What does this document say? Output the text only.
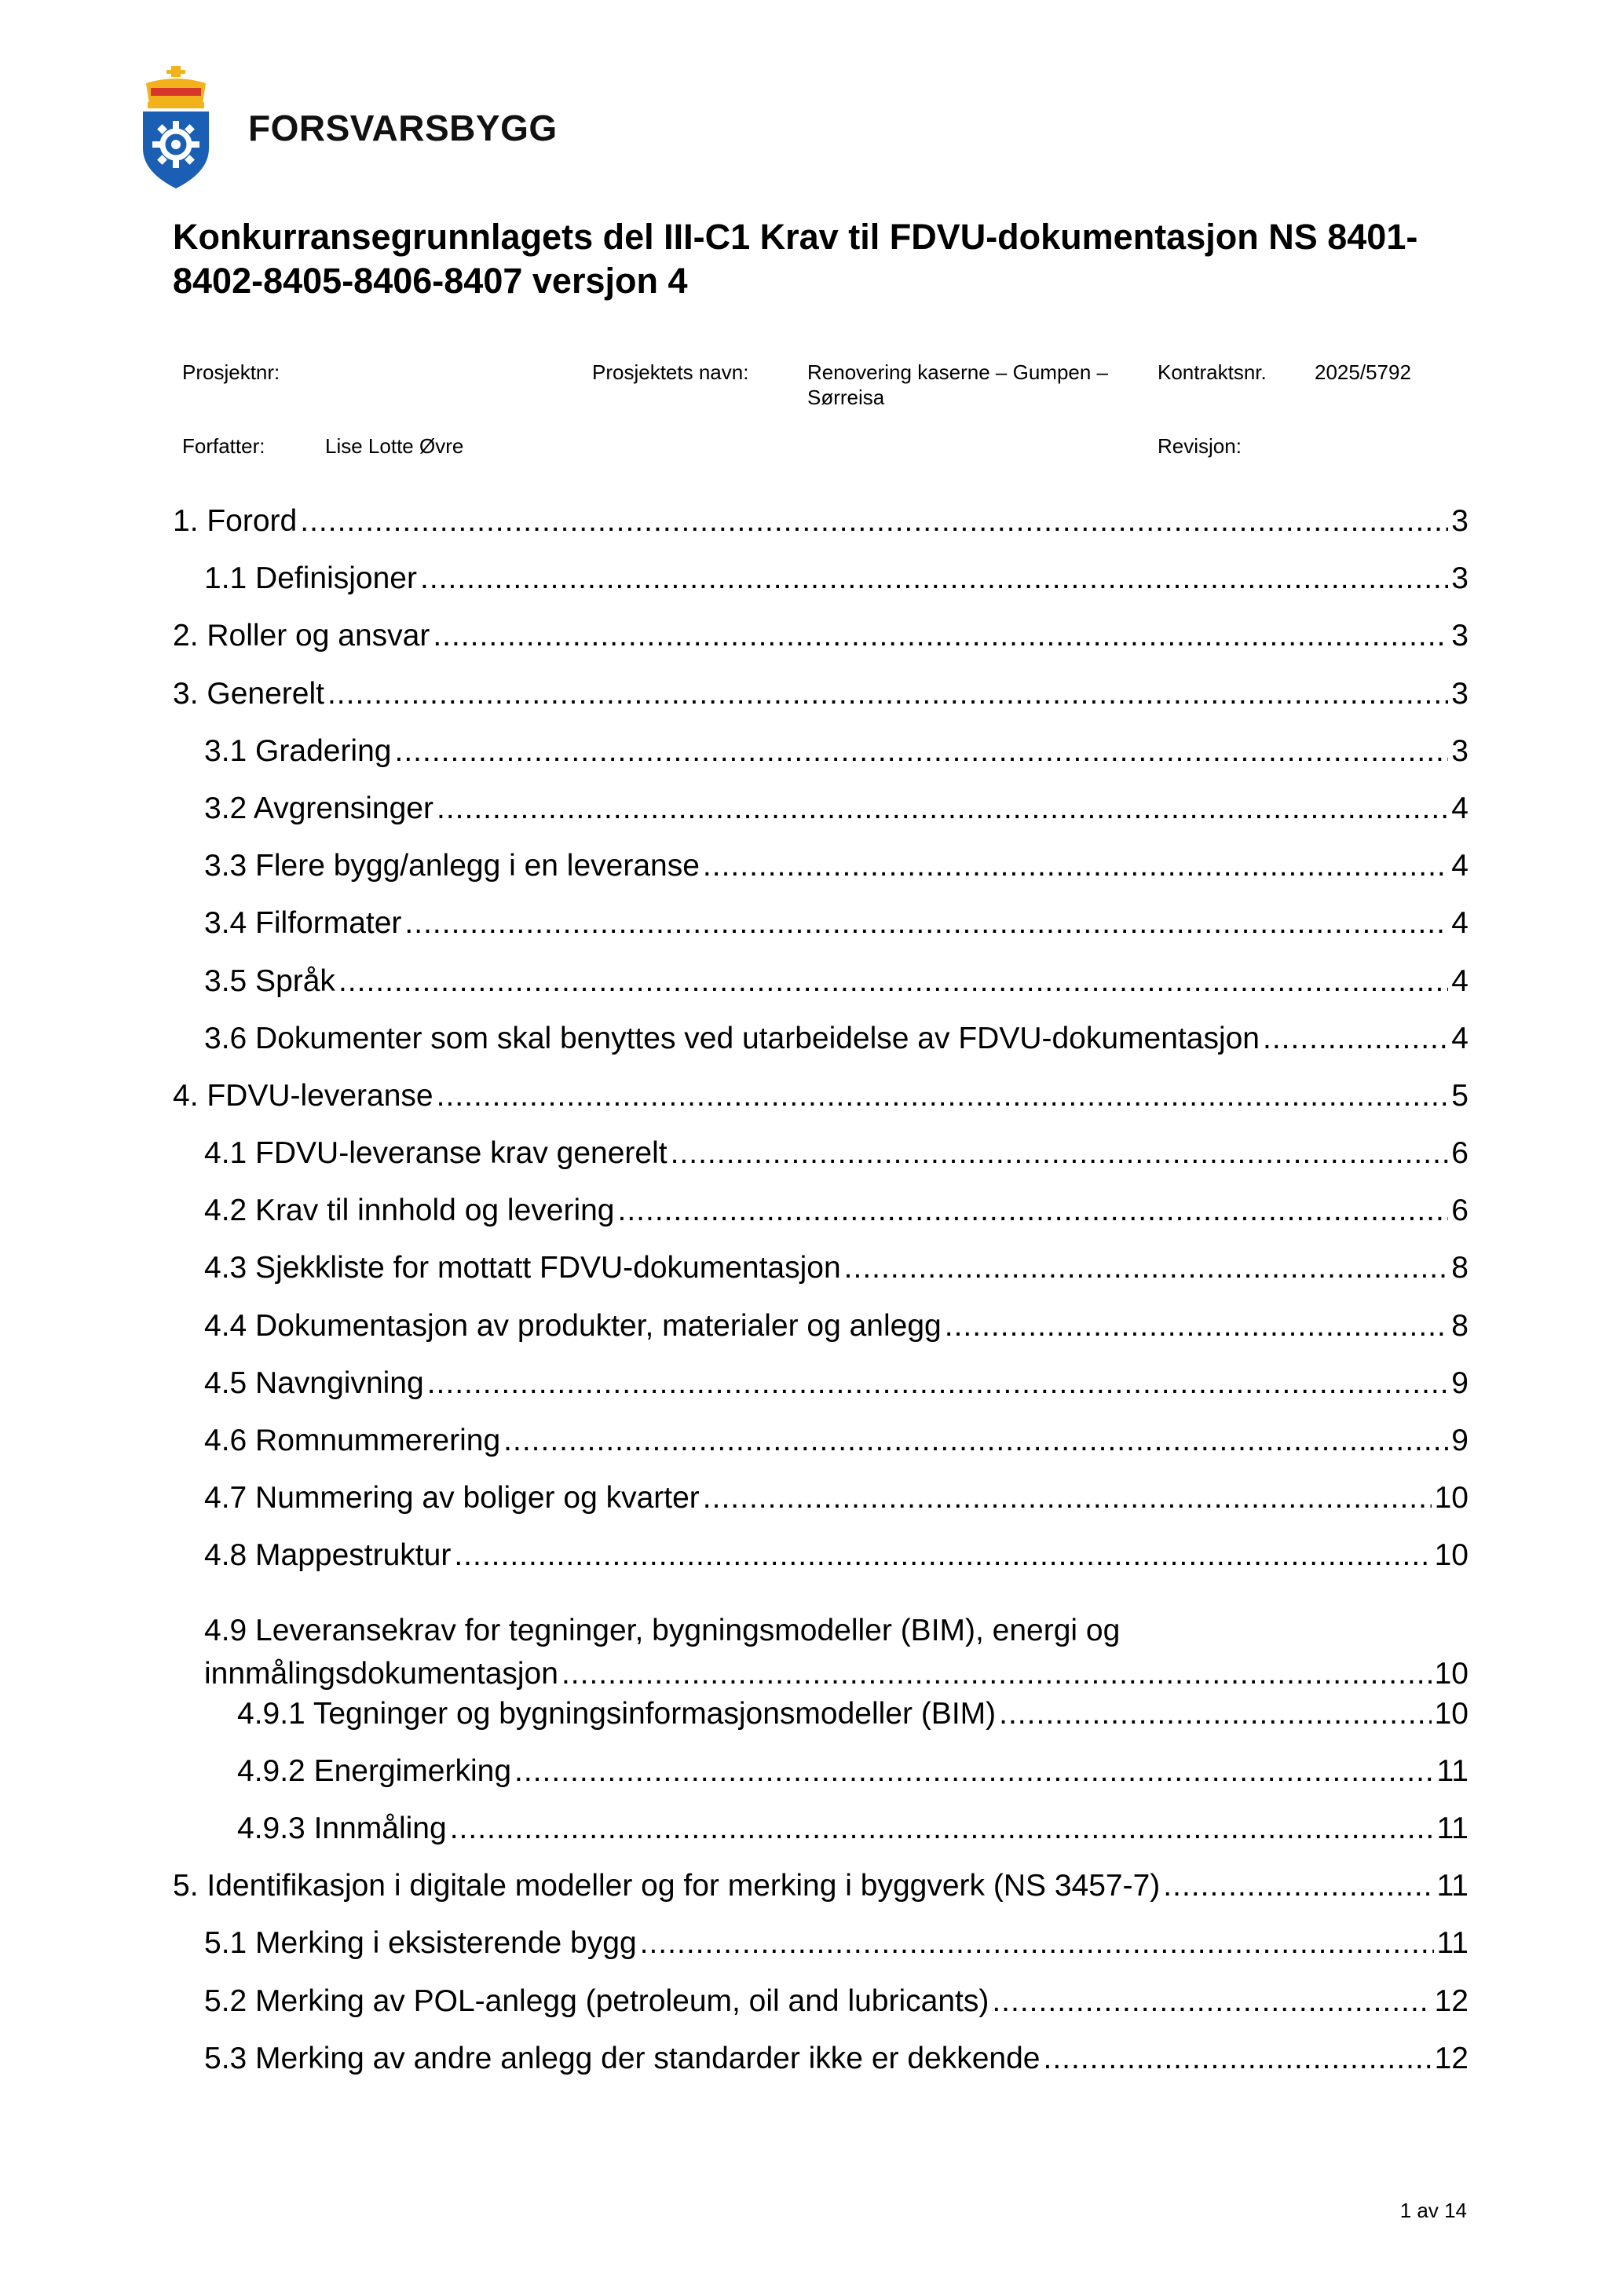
FORSVARSBYGG
Konkurransegrunnlagets del III-C1 Krav til FDVU-dokumentasjon NS 8401-8402-8405-8406-8407 versjon 4
Prosjektnr:	Prosjektets navn:	Renovering kaserne – Gumpen –
Sørreisa
Kontraktsnr. 2025/5792
Forfatter:	Lise Lotte Øvre	Revisjon:
1. Forord .....	3
1.1 Definisjoner .....	3
2. Roller og ansvar .....	3
3. Generelt .....	3
3.1 Gradering .....	3
3.2 Avgrensinger .....	4
3.3 Flere bygg/anlegg i en leveranse .....	4
3.4 Filformater .....	4
3.5 Språk .....	4
3.6 Dokumenter som skal benyttes ved utarbeidelse av FDVU-dokumentasjon .....	4
4. FDVU-leveranse .....	5
4.1 FDVU-leveranse krav generelt .....	6
4.2 Krav til innhold og levering .....	6
4.3 Sjekkliste for mottatt FDVU-dokumentasjon .....	8
4.4 Dokumentasjon av produkter, materialer og anlegg .....	8
4.5 Navngivning .....	9
4.6 Romnummerering .....	9
4.7 Nummering av boliger og kvarter .....	10
4.8 Mappestruktur .....	10
4.9 Leveransekrav for tegninger, bygningsmodeller (BIM), energi og
innmålingsdokumentasjon .....	10
4.9.1 Tegninger og bygningsinformasjonsmodeller (BIM) .....	10
4.9.2 Energimerking .....	11
4.9.3 Innmåling .....	11
5. Identifikasjon i digitale modeller og for merking i byggverk (NS 3457-7) .....	11
5.1 Merking i eksisterende bygg .....	11
5.2 Merking av POL-anlegg (petroleum, oil and lubricants) .....	12
5.3 Merking av andre anlegg der standarder ikke er dekkende .....	12
1 av 14
